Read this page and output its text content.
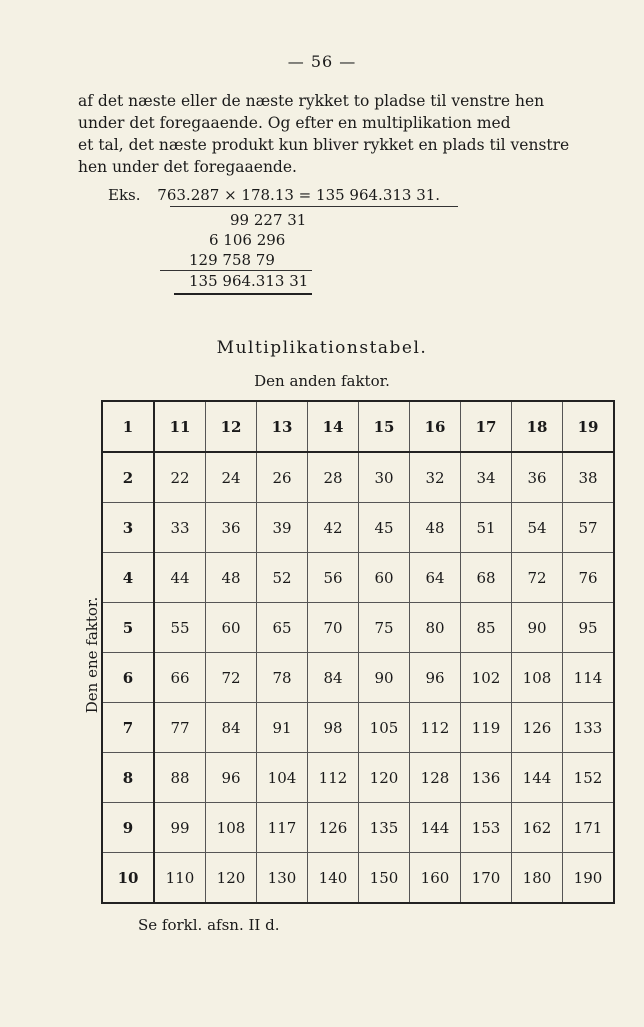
— 56 —
af det næste eller de næste rykket to pladse til venstre hen
under det foregaaende. Og efter en multiplikation med
et tal, det næste produkt kun bliver rykket en plads til venstre
hen under det foregaaende.
Eks. 763.287 × 178.13 = 135 964.313 31.
99 227 31
6 106 296
129 758 79
135 964.313 31
Multiplikationstabel.
Den anden faktor.
Den ene faktor.
1	11	12	13	14	15	16	17	18	19
2	22	24	26	28	30	32	34	36	38
3	33	36	39	42	45	48	51	54	57
4	44	48	52	56	60	64	68	72	76
5	55	60	65	70	75	80	85	90	95
6	66	72	78	84	90	96	102	108	114
7	77	84	91	98	105	112	119	126	133
8	88	96	104	112	120	128	136	144	152
9	99	108	117	126	135	144	153	162	171
10	110	120	130	140	150	160	170	180	190
Se forkl. afsn. II d.
